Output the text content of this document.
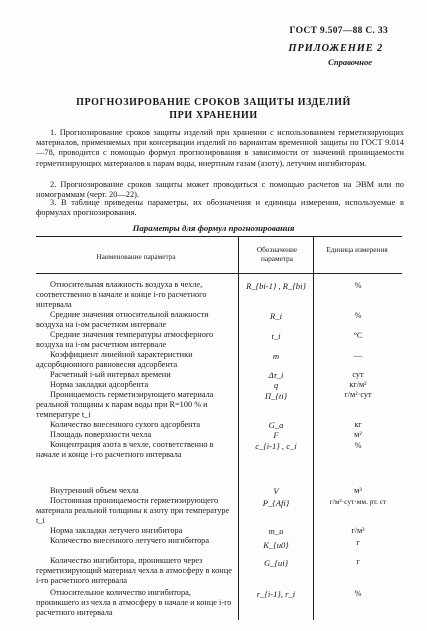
ГОСТ 9.507—88 С. 33
ПРИЛОЖЕНИЕ 2
Справочное
ПРОГНОЗИРОВАНИЕ СРОКОВ ЗАЩИТЫ ИЗДЕЛИЙ
ПРИ ХРАНЕНИИ
1. Прогнозирование сроков защиты изделий при хранении с использованием герметизирующих материалов, применяемых при консервации изделий по вариантам временной защиты по ГОСТ 9.014—78, проводится с помощью формул прогнозирования в зависимости от значений проницаемости герметизирующих материалов к парам воды, инертным газам (азоту), летучим ингибиторам.
2. Прогнозирование сроков защиты может проводиться с помощью расчетов на ЭВМ или по номограммам (черт. 20—22).
3. В таблице приведены параметры, их обозначения и единицы измерения, используемые в формулах прогнозирования.
Параметры для формул прогнозирования
Наименование параметра
Обозначение параметра
Единица измерения
Относительная влажность воздуха в чехле, соответственно в начале и конце i-го расчетного интервала
R_{bi-1} , R_{bi}	%
Средние значения относительной влажности воздуха на i-ом расчетном интервале
R_i	%
Средние значения температуры атмосферного воздуха на i-ом расчетном интервале
t_i	°C
Коэффициент линейной характеристики адсорбционного равновесия адсорбента
m	—
Расчетный i-ый интервал времени	Δτ_i	сут
Норма закладки адсорбента	q	кг/м²
Проницаемость герметизирующего материала реальной толщины к парам воды при R=100 % и температуре t_i
Π_{ti}	г/м²·сут
Количество внесенного сухого адсорбента	G_a	кг
Площадь поверхности чехла	F	м²
Концентрация азота в чехле, соответственно в начале и конце i-го расчетного интервала
c_{i-1} , c_i	%
Внутренний объем чехла	V	м³
Постоянная проницаемости герметизирующего материала реальной толщины к азоту при температуре t_i
P_{Afi}	г/м²·сут·мм. рт. ст
Норма закладки летучего ингибитора	m_и	г/м³
Количество внесенного летучего ингибитора	K_{и0}	г
Количество ингибитора, проникшего через герметизирующий материал чехла в атмосферу в конце i-го расчетного интервала
G_{иi}	г
Относительное количество ингибитора, проникшего из чехла в атмосферу в начале и конце i-го расчетного интервала
r_{i-1}, r_i	%
